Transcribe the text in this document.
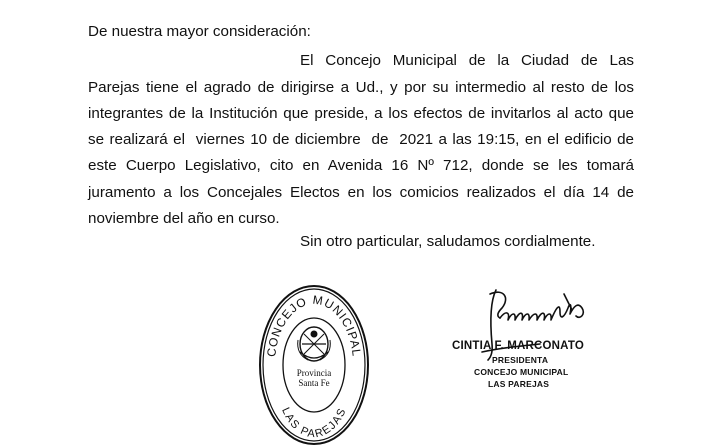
De nuestra mayor consideración:
El Concejo Municipal de la Ciudad de Las
Parejas tiene el agrado de dirigirse a Ud., y por su intermedio al resto de los
integrantes de la Institución que preside, a los efectos de invitarlos al acto que
se realizará el  viernes 10 de diciembre  de  2021 a las 19:15, en el edificio de
este Cuerpo Legislativo, cito en Avenida 16 Nº 712, donde se les tomará
juramento a los Concejales Electos en los comicios realizados el día 14 de
noviembre del año en curso.
Sin otro particular, saludamos cordialmente.
CONCEJO MUNICIPAL
LAS PAREJAS
Provincia
Santa Fe
CINTIA F. MARCONATO
PRESIDENTA
CONCEJO MUNICIPAL
LAS PAREJAS
